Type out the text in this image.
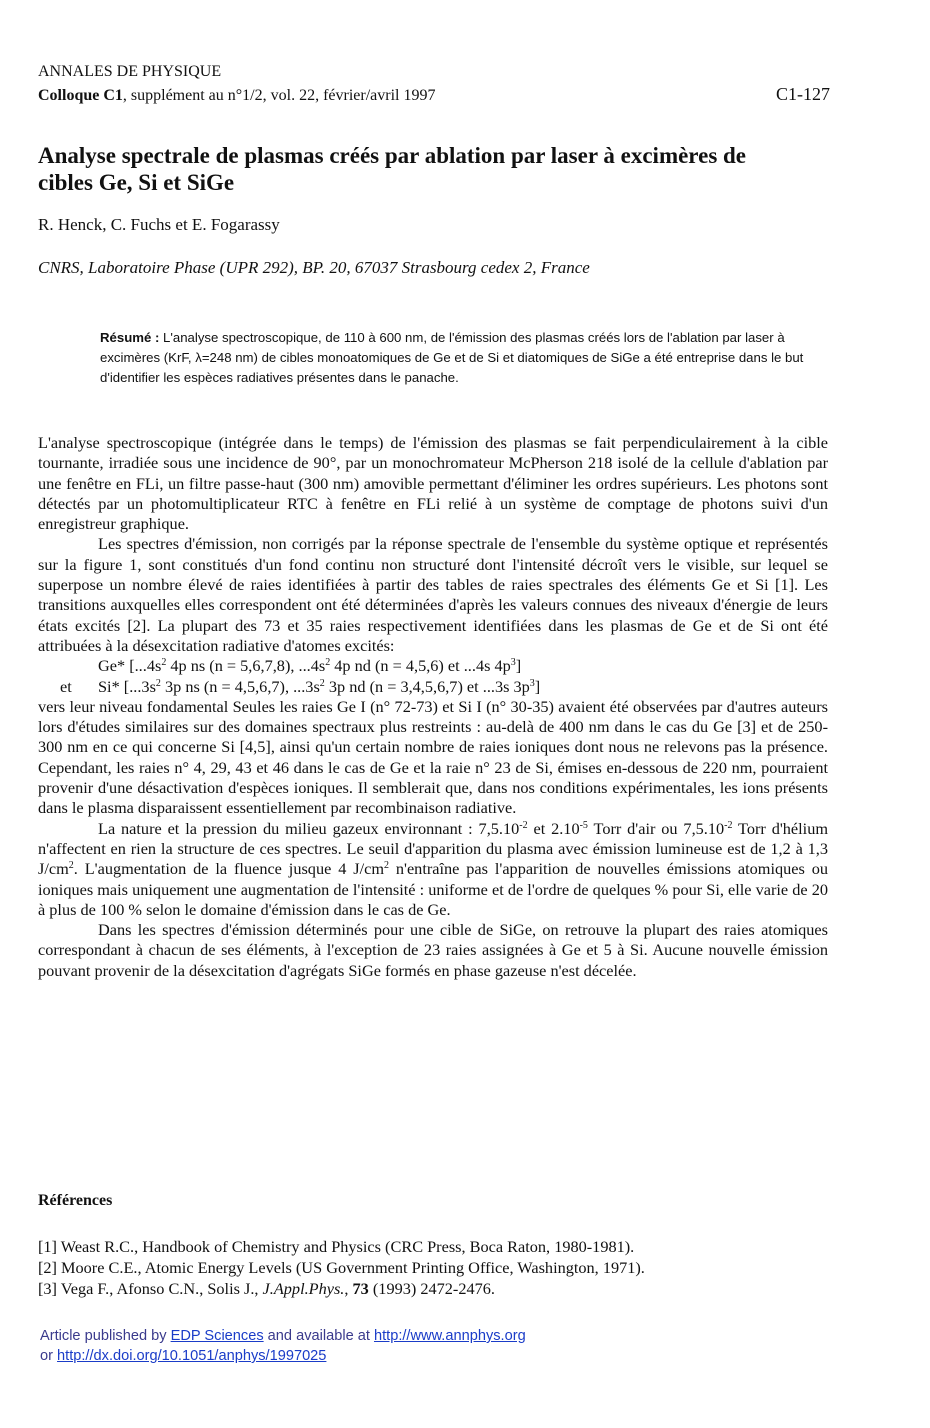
ANNALES DE PHYSIQUE
Colloque C1, supplément au n°1/2, vol. 22, février/avril 1997	C1-127
Analyse spectrale de plasmas créés par ablation par laser à excimères de cibles Ge, Si et SiGe
R. Henck, C. Fuchs et E. Fogarassy
CNRS, Laboratoire Phase (UPR 292), BP. 20, 67037 Strasbourg cedex 2, France
Résumé : L'analyse spectroscopique, de 110 à 600 nm, de l'émission des plasmas créés lors de l'ablation par laser à excimères (KrF, λ=248 nm) de cibles monoatomiques de Ge et de Si et diatomiques de SiGe a été entreprise dans le but d'identifier les espèces radiatives présentes dans le panache.

L'analyse spectroscopique (intégrée dans le temps) de l'émission des plasmas se fait perpendiculairement à la cible tournante, irradiée sous une incidence de 90°, par un monochromateur McPherson 218 isolé de la cellule d'ablation par une fenêtre en FLi, un filtre passe-haut (300 nm) amovible permettant d'éliminer les ordres supérieurs. Les photons sont détectés par un photomultiplicateur RTC à fenêtre en FLi relié à un système de comptage de photons suivi d'un enregistreur graphique.

Les spectres d'émission, non corrigés par la réponse spectrale de l'ensemble du système optique et représentés sur la figure 1, sont constitués d'un fond continu non structuré dont l'intensité décroît vers le visible, sur lequel se superpose un nombre élevé de raies identifiées à partir des tables de raies spectrales des éléments Ge et Si [1]. Les transitions auxquelles elles correspondent ont été déterminées d'après les valeurs connues des niveaux d'énergie de leurs états excités [2]. La plupart des 73 et 35 raies respectivement identifiées dans les plasmas de Ge et de Si ont été attribuées à la désexcitation radiative d'atomes excités:

Ge* [$...4s^2$ 4p ns (n = 5,6,7,8), $...4s^2$ 4p nd (n = 4,5,6) et ...4s $4p^3$]

et Si* [$...3s^2$ 3p ns (n = 4,5,6,7), $...3s^2$ 3p nd (n = 3,4,5,6,7) et ...3s $3p^3$]

vers leur niveau fondamental Seules les raies Ge I (n° 72-73) et Si I (n° 30-35) avaient été observées par d'autres auteurs lors d'études similaires sur des domaines spectraux plus restreints : au-delà de 400 nm dans le cas du Ge [3] et de 250-300 nm en ce qui concerne Si [4,5], ainsi qu'un certain nombre de raies ioniques dont nous ne relevons pas la présence. Cependant, les raies n° 4, 29, 43 et 46 dans le cas de Ge et la raie n° 23 de Si, émises en-dessous de 220 nm, pourraient provenir d'une désactivation d'espèces ioniques. Il semblerait que, dans nos conditions expérimentales, les ions présents dans le plasma disparaissent essentiellement par recombinaison radiative.

La nature et la pression du milieu gazeux environnant : $7,5.10^{-2}$ et $2.10^{-5}$ Torr d'air ou $7,5.10^{-2}$ Torr d'hélium n'affectent en rien la structure de ces spectres. Le seuil d'apparition du plasma avec émission lumineuse est de 1,2 à 1,3 $J/cm^2$. L'augmentation de la fluence jusque 4 $J/cm^2$ n'entraîne pas l'apparition de nouvelles émissions atomiques ou ioniques mais uniquement une augmentation de l'intensité : uniforme et de l'ordre de quelques % pour Si, elle varie de 20 à plus de 100 % selon le domaine d'émission dans le cas de Ge.

Dans les spectres d'émission déterminés pour une cible de SiGe, on retrouve la plupart des raies atomiques correspondant à chacun de ses éléments, à l'exception de 23 raies assignées à Ge et 5 à Si. Aucune nouvelle émission pouvant provenir de la désexcitation d'agrégats SiGe formés en phase gazeuse n'est décelée.

Références
[1] Weast R.C., Handbook of Chemistry and Physics (CRC Press, Boca Raton, 1980-1981).
[2] Moore C.E., Atomic Energy Levels (US Government Printing Office, Washington, 1971).
[3] Vega F., Afonso C.N., Solis J., J.Appl.Phys., 73 (1993) 2472-2476.
Article published by EDP Sciences and available at http://www.annphys.org
or http://dx.doi.org/10.1051/anphys/1997025
